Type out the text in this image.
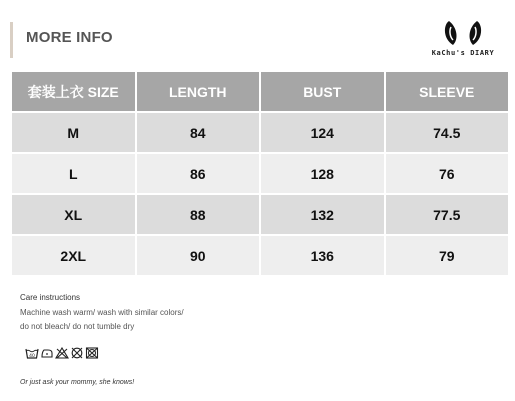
MORE INFO
KaChu's DIARY
套装上衣 SIZE	LENGTH	BUST	SLEEVE
M	84	124	74.5
L	86	128	76
XL	88	132	77.5
2XL	90	136	79
Care instructions
Machine wash warm/ wash with similar colors/
do not bleach/ do not tumble dry
40
Or just ask your mommy, she knows!
